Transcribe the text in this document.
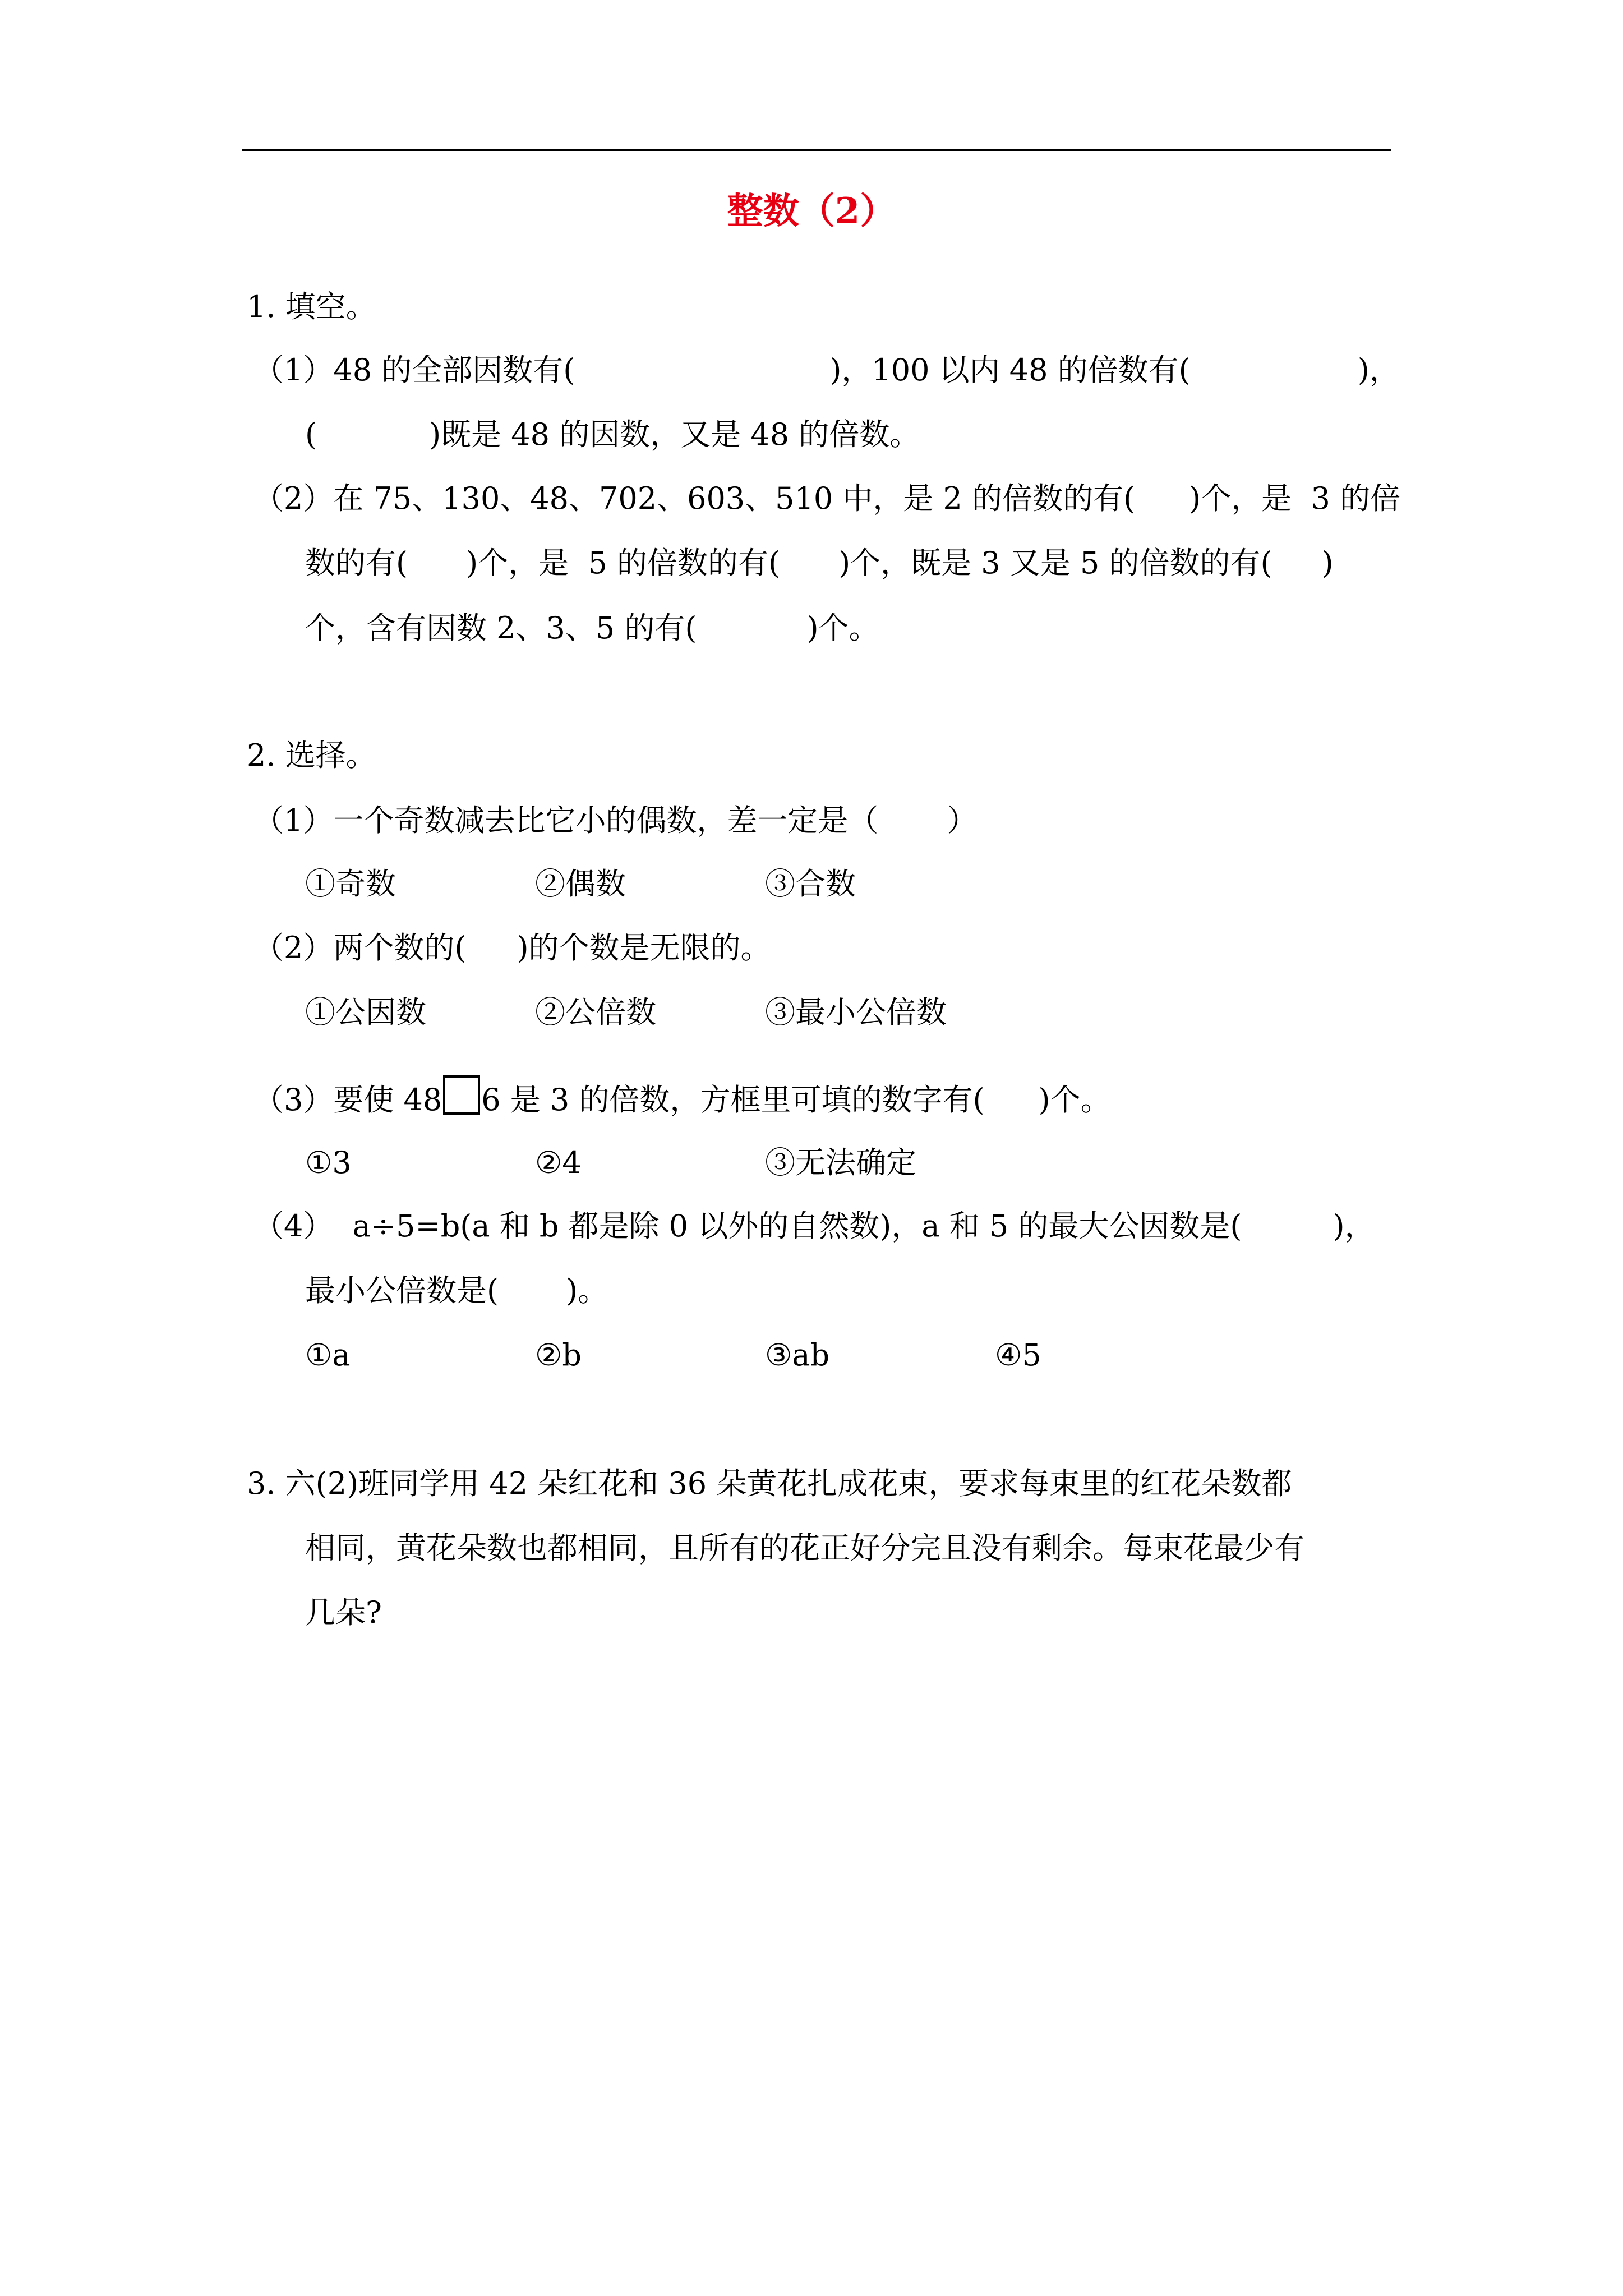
整数（2）
1. 填空。
（1）48 的全部因数有(	)，100 以内 48 的倍数有(	)，
(	)既是 48 的因数，又是 48 的倍数。
（2）在 75、130、48、702、603、510 中，是 2 的倍数的有( )个，是  3 的倍
数的有( )个，是  5 的倍数的有( )个，既是 3 又是 5 的倍数的有( )
个，含有因数 2、3、5 的有(	)个。
2. 选择。
（1）一个奇数减去比它小的偶数，差一定是（ ）
①奇数	②偶数	③合数
（2）两个数的( )的个数是无限的。
①公因数	②公倍数	③最小公倍数
（3）要使 48 6 是 3 的倍数，方框里可填的数字有( )个。
①3	②4	③无法确定
（4）  a÷5=b(a 和 b 都是除 0 以外的自然数)，a 和 5 的最大公因数是(	)，
最小公倍数是( )。
①a	②b	③ab	④5
3. 六(2)班同学用 42 朵红花和 36 朵黄花扎成花束，要求每束里的红花朵数都
相同，黄花朵数也都相同，且所有的花正好分完且没有剩余。每束花最少有
几朵?
